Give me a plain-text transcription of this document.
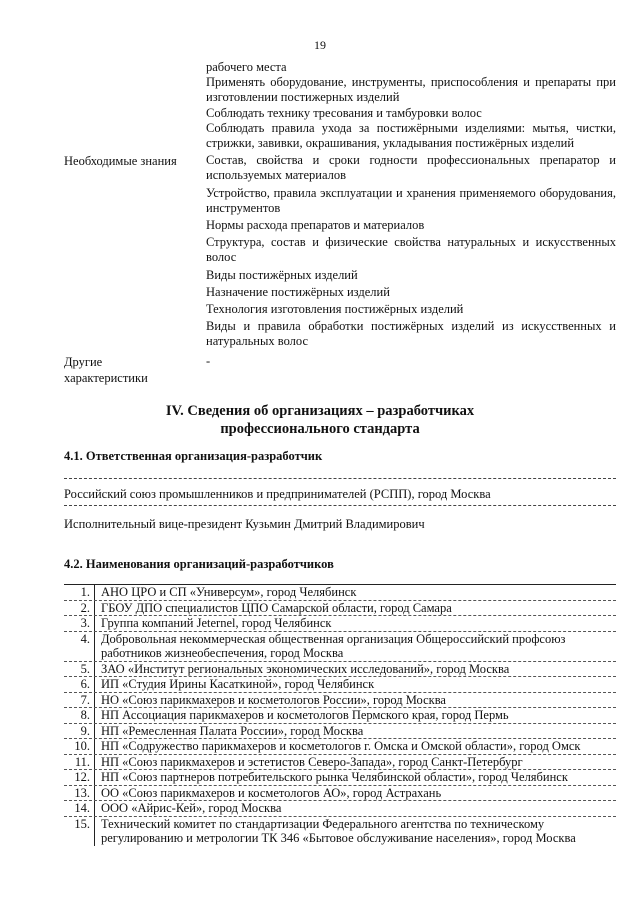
19

рабочего места

Применять оборудование, инструменты, приспособления и препараты при изготовлении постижерных изделий

Соблюдать технику тресования и тамбуровки волос

Соблюдать правила ухода за постижёрными изделиями: мытья, чистки, стрижки, завивки, окрашивания, укладывания постижёрных изделий

Необходимые знания	Состав, свойства и сроки годности профессиональных препаратор и используемых материалов

Устройство, правила эксплуатации и хранения применяемого оборудования, инструментов

Нормы расхода препаратов и материалов

Структура, состав и физические свойства натуральных и искусственных волос

Виды постижёрных изделий

Назначение постижёрных изделий

Технология изготовления постижёрных изделий

Виды и правила обработки постижёрных изделий из искусственных и натуральных волос

Другие характеристики
-
IV. Сведения об организациях – разработчиках
профессионального стандарта
4.1. Ответственная организация-разработчик
Российский союз промышленников и предпринимателей (РСПП), город Москва
Исполнительный вице-президент Кузьмин Дмитрий Владимирович
4.2. Наименования организаций-разработчиков
1. АНО ЦРО и СП «Универсум», город Челябинск
2. ГБОУ ДПО специалистов ЦПО Самарской области, город Самара
3. Группа компаний Jeternel, город Челябинск
4. Добровольная некоммерческая общественная организация Общероссийский профсоюз работников жизнеобеспечения, город Москва
5. ЗАО «Институт региональных экономических исследований», город Москва
6. ИП «Студия Ирины Касаткиной», город Челябинск
7. НО «Союз парикмахеров и косметологов России», город Москва
8. НП Ассоциация парикмахеров и косметологов Пермского края, город Пермь
9. НП «Ремесленная Палата России», город Москва
10. НП «Содружество парикмахеров и косметологов г. Омска и Омской области», город Омск
11. НП «Союз парикмахеров и эстетистов Северо-Запада», город Санкт-Петербург
12. НП «Союз партнеров потребительского рынка Челябинской области», город Челябинск
13. ОО «Союз парикмахеров и косметологов АО», город Астрахань
14. ООО «Айрис-Кей», город Москва
15. Технический комитет по стандартизации Федерального агентства по техническому регулированию и метрологии ТК 346 «Бытовое обслуживание населения», город Москва
